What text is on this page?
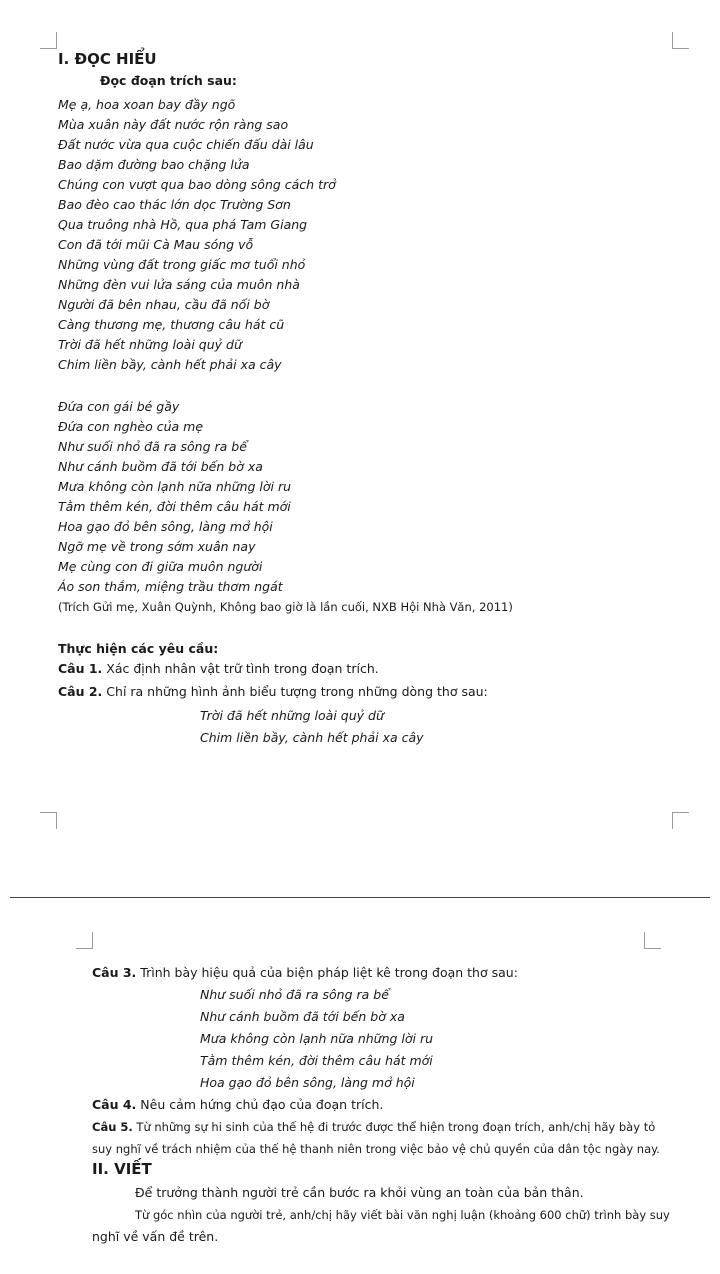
I. ĐỌC HIỂU
Đọc đoạn trích sau:
Mẹ ạ, hoa xoan bay đầy ngõ
Mùa xuân này đất nước rộn ràng sao
Đất nước vừa qua cuộc chiến đấu dài lâu
Bao dặm đường bao chặng lửa
Chúng con vượt qua bao dòng sông cách trở
Bao đèo cao thác lớn dọc Trường Sơn
Qua truông nhà Hồ, qua phá Tam Giang
Con đã tới mũi Cà Mau sóng vỗ
Những vùng đất trong giấc mơ tuổi nhỏ
Những đèn vui lửa sáng của muôn nhà
Người đã bên nhau, cầu đã nối bờ
Càng thương mẹ, thương câu hát cũ
Trời đã hết những loài quỷ dữ
Chim liền bầy, cành hết phải xa cây
Đứa con gái bé gầy
Đứa con nghèo của mẹ
Như suối nhỏ đã ra sông ra bể
Như cánh buồm đã tới bến bờ xa
Mưa không còn lạnh nữa những lời ru
Tằm thêm kén, đời thêm câu hát mới
Hoa gạo đỏ bên sông, làng mở hội
Ngỡ mẹ về trong sớm xuân nay
Mẹ cùng con đi giữa muôn người
Áo son thắm, miệng trầu thơm ngát
(Trích Gửi mẹ, Xuân Quỳnh, Không bao giờ là lần cuối, NXB Hội Nhà Văn, 2011)
Thực hiện các yêu cầu:
Câu 1. Xác định nhân vật trữ tình trong đoạn trích.
Câu 2. Chỉ ra những hình ảnh biểu tượng trong những dòng thơ sau:
Trời đã hết những loài quỷ dữ
Chim liền bầy, cành hết phải xa cây
Câu 3. Trình bày hiệu quả của biện pháp liệt kê trong đoạn thơ sau:
Như suối nhỏ đã ra sông ra bể
Như cánh buồm đã tới bến bờ xa
Mưa không còn lạnh nữa những lời ru
Tằm thêm kén, đời thêm câu hát mới
Hoa gạo đỏ bên sông, làng mở hội
Câu 4. Nêu cảm hứng chủ đạo của đoạn trích.
Câu 5. Từ những sự hi sinh của thế hệ đi trước được thể hiện trong đoạn trích, anh/chị hãy bày tỏ
suy nghĩ về trách nhiệm của thế hệ thanh niên trong việc bảo vệ chủ quyền của dân tộc ngày nay.
II. VIẾT
Để trưởng thành người trẻ cần bước ra khỏi vùng an toàn của bản thân.
Từ góc nhìn của người trẻ, anh/chị hãy viết bài văn nghị luận (khoảng 600 chữ) trình bày suy
nghĩ về vấn đề trên.
